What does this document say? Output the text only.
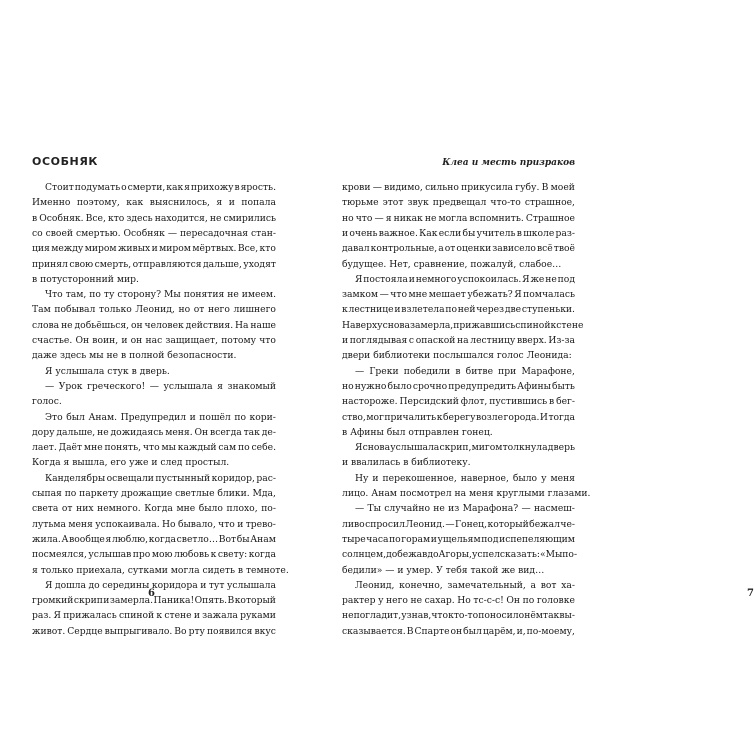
ОСОБНЯК
Стоит подумать о смерти, как я прихожу в ярость.
Именно поэтому, как выяснилось, я и попала
в Особняк. Все, кто здесь находится, не смирились
со своей смертью. Особняк — пересадочная стан-
ция между миром живых и миром мёртвых. Все, кто
принял свою смерть, отправляются дальше, уходят
в потусторонний мир.
Что там, по ту сторону? Мы понятия не имеем.
Там побывал только Леонид, но от него лишнего
слова не добьёшься, он человек действия. На наше
счастье. Он воин, и он нас защищает, потому что
даже здесь мы не в полной безопасности.
Я услышала стук в дверь.
— Урок греческого! — услышала я знакомый
голос.
Это был Анам. Предупредил и пошёл по кори-
дору дальше, не дожидаясь меня. Он всегда так де-
лает. Даёт мне понять, что мы каждый сам по себе.
Когда я вышла, его уже и след простыл.
Канделябры освещали пустынный коридор, рас-
сыпая по паркету дрожащие светлые блики. Мда,
света от них немного. Когда мне было плохо, по-
лутьма меня успокаивала. Но бывало, что и трево-
жила. А вообще я люблю, когда светло… Вот бы Анам
посмеялся, услышав про мою любовь к свету: когда
я только приехала, сутками могла сидеть в темноте.
Я дошла до середины коридора и тут услышала
громкий скрип и замерла. Паника! Опять. В который
раз. Я прижалась спиной к стене и зажала руками
живот. Сердце выпрыгивало. Во рту появился вкус
6
Клеа и месть призраков
крови — видимо, сильно прикусила губу. В моей
тюрьме этот звук предвещал что-то страшное,
но что — я никак не могла вспомнить. Страшное
и очень важное. Как если бы учитель в школе раз-
давал контрольные, а от оценки зависело всё твоё
будущее. Нет, сравнение, пожалуй, слабое…
Я постояла и немного успокоилась. Я же не под
замком — что мне мешает убежать? Я помчалась
к лестнице и взлетела по ней через две ступеньки.
Наверху снова замерла, прижавшись спиной к стене
и поглядывая с опаской на лестницу вверх. Из-за
двери библиотеки послышался голос Леонида:
— Греки победили в битве при Марафоне,
но нужно было срочно предупредить Афины быть
настороже. Персидский флот, пустившись в бег-
ство, мог причалить к берегу возле города. И тогда
в Афины был отправлен гонец.
Я снова услышала скрип, мигом толкнула дверь
и ввалилась в библиотеку.
Ну и перекошенное, наверное, было у меня
лицо. Анам посмотрел на меня круглыми глазами.
— Ты случайно не из Марафона? — насмеш-
ливо спросил Леонид. — Гонец, который бежал че-
тыре часа по горам и ущельям под испепеляющим
солнцем, добежав до Агоры, успел сказать: «Мы по-
бедили» — и умер. У тебя такой же вид…
Леонид, конечно, замечательный, а вот ха-
рактер у него не сахар. Но тс-с-с! Он по головке
не погладит, узнав, что кто-то поносил о нём так вы-
сказывается. В Спарте он был царём, и, по-моему,
7
